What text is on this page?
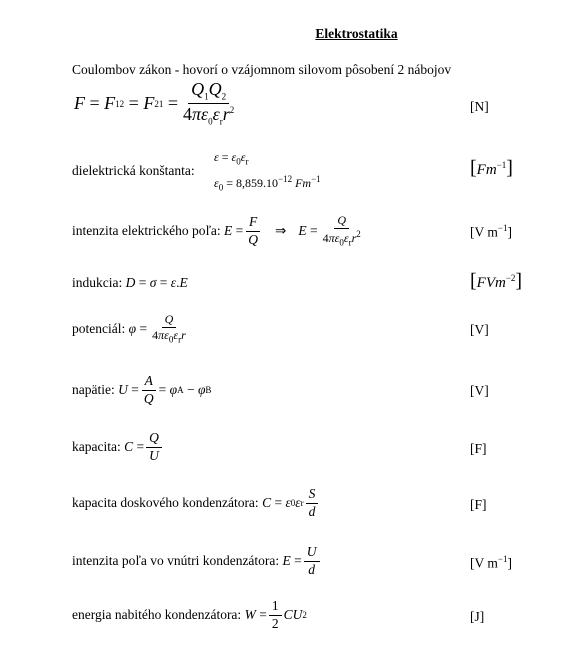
Elektrostatika
Coulombov zákon - hovorí o vzájomnom silovom pôsobení 2 nábojov
F = F 12 = F $21 = \frac{Q_1Q_2}{4\pi\varepsilon_0\varepsilon_rr^2}$	[N]
dielektrická konštanta:
$\varepsilon = \varepsilon_0\varepsilon_r$
$\varepsilon_0 = 8,859.10^{-12}$ $Fm^{-1}$	$[Fm^{-1}]$
intenzita elektrického poľa:
$E = \frac{F}{Q}$ ⇒ $E = \frac{Q}{4\pi\varepsilon_0\varepsilon_rr^2}$	[V $m^{-1}$]
indukcia:
D = σ = ε . E	[FVm$^{-2}$]
potenciál:
$\varphi = \frac{Q}{4\pi\varepsilon_0\varepsilon_rr}$	[V]
napätie:
$U = \frac{A}{Q} = \varphi$ A − φ B	[V]
kapacita:
$C = \frac{Q}{U}$	[F]
kapacita doskového kondenzátora:
C = ε 0 ε r $\frac{S}{d}$	[F]
intenzita poľa vo vnútri kondenzátora:
$E = \frac{U}{d}$	[V $m^{-1}$]
energia nabitého kondenzátora:
$W = \frac{1}{2}$ CU 2	[J]
